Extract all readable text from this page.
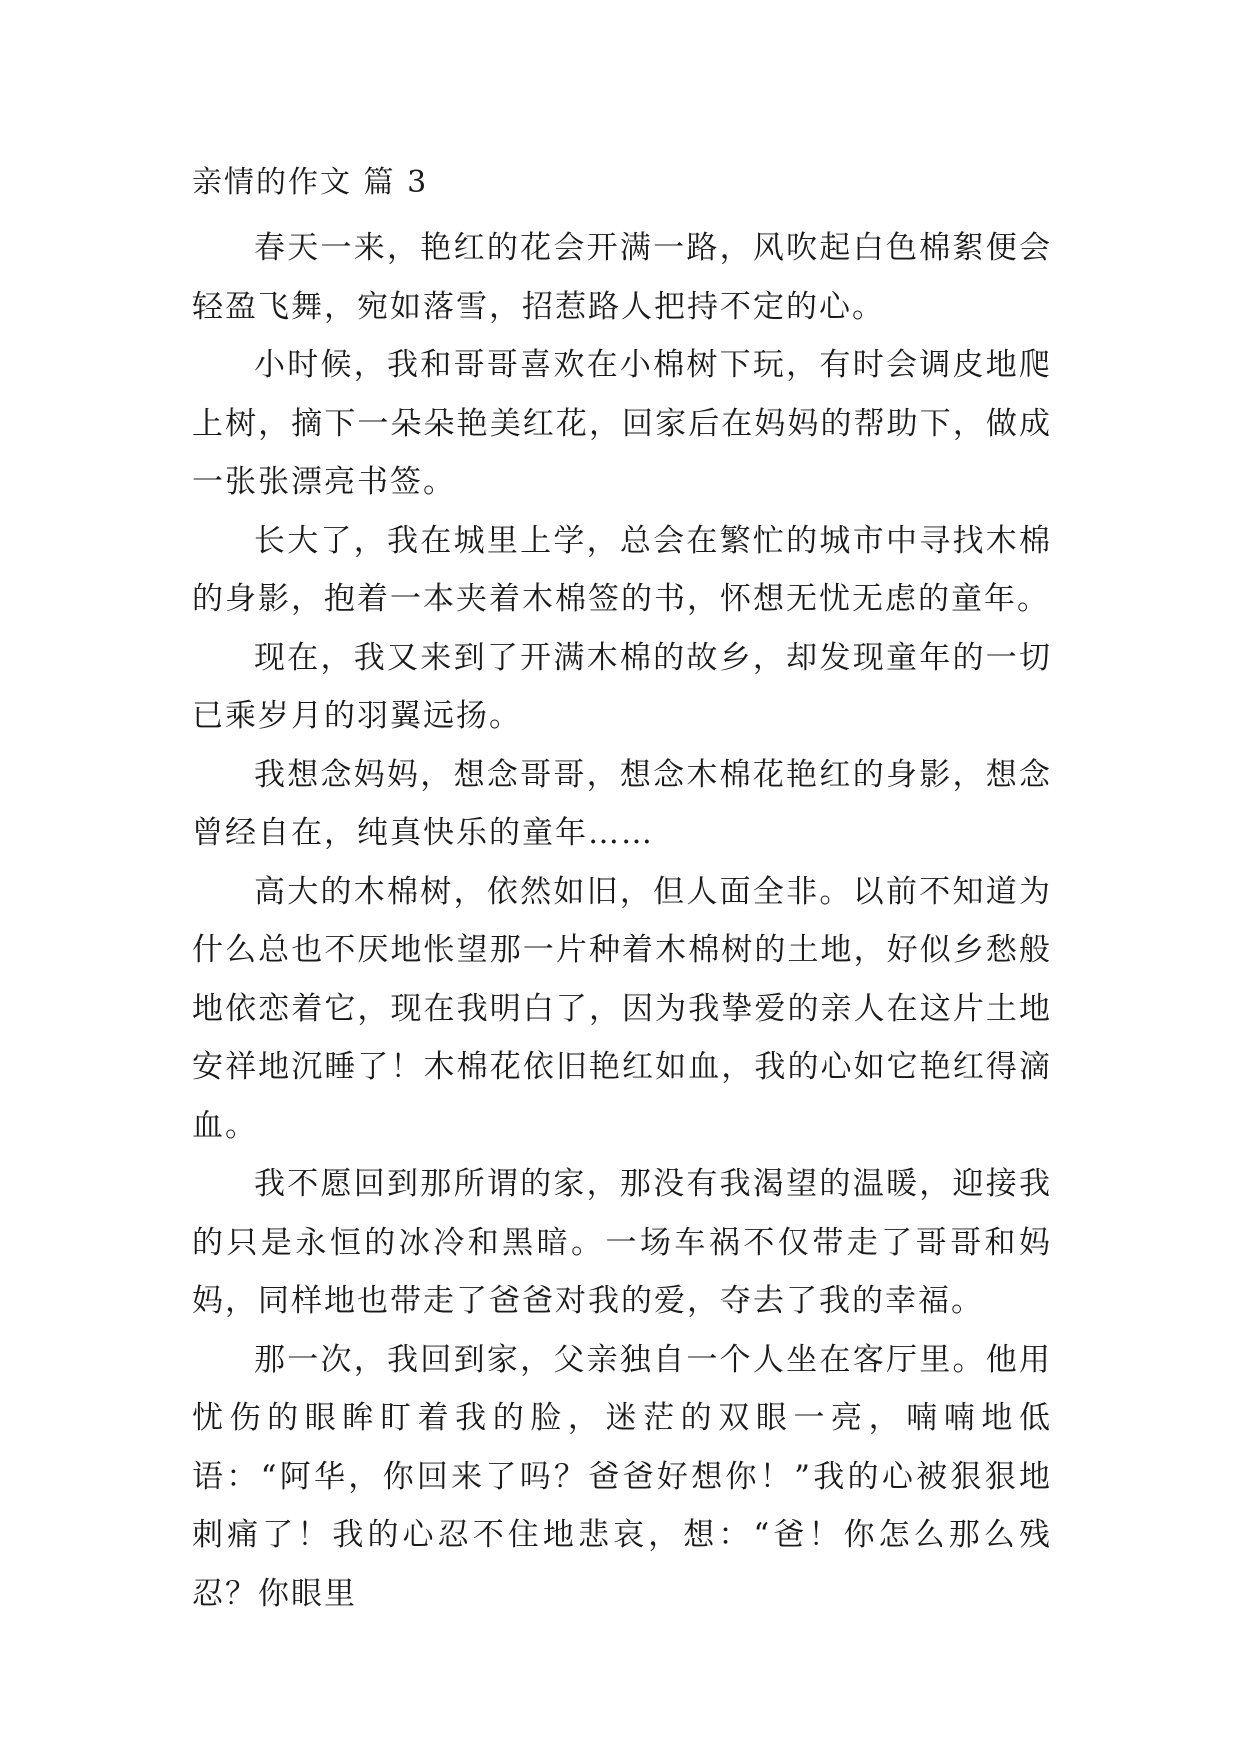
亲情的作文 篇 3

春天一来，艳红的花会开满一路，风吹起白色棉絮便会轻盈飞舞，宛如落雪，招惹路人把持不定的心。

小时候，我和哥哥喜欢在小棉树下玩，有时会调皮地爬上树，摘下一朵朵艳美红花，回家后在妈妈的帮助下，做成一张张漂亮书签。

长大了，我在城里上学，总会在繁忙的城市中寻找木棉的身影，抱着一本夹着木棉签的书，怀想无忧无虑的童年。

现在，我又来到了开满木棉的故乡，却发现童年的一切已乘岁月的羽翼远扬。

我想念妈妈，想念哥哥，想念木棉花艳红的身影，想念曾经自在，纯真快乐的童年……

高大的木棉树，依然如旧，但人面全非。以前不知道为什么总也不厌地怅望那一片种着木棉树的土地，好似乡愁般地依恋着它，现在我明白了，因为我挚爱的亲人在这片土地安祥地沉睡了！木棉花依旧艳红如血，我的心如它艳红得滴血。

我不愿回到那所谓的家，那没有我渴望的温暖，迎接我的只是永恒的冰冷和黑暗。一场车祸不仅带走了哥哥和妈妈，同样地也带走了爸爸对我的爱，夺去了我的幸福。

那一次，我回到家，父亲独自一个人坐在客厅里。他用忧伤的眼眸盯着我的脸，迷茫的双眼一亮，喃喃地低语：“阿华，你回来了吗？爸爸好想你！”我的心被狠狠地刺痛了！我的心忍不住地悲哀，想：“爸！你怎么那么残忍？你眼里
